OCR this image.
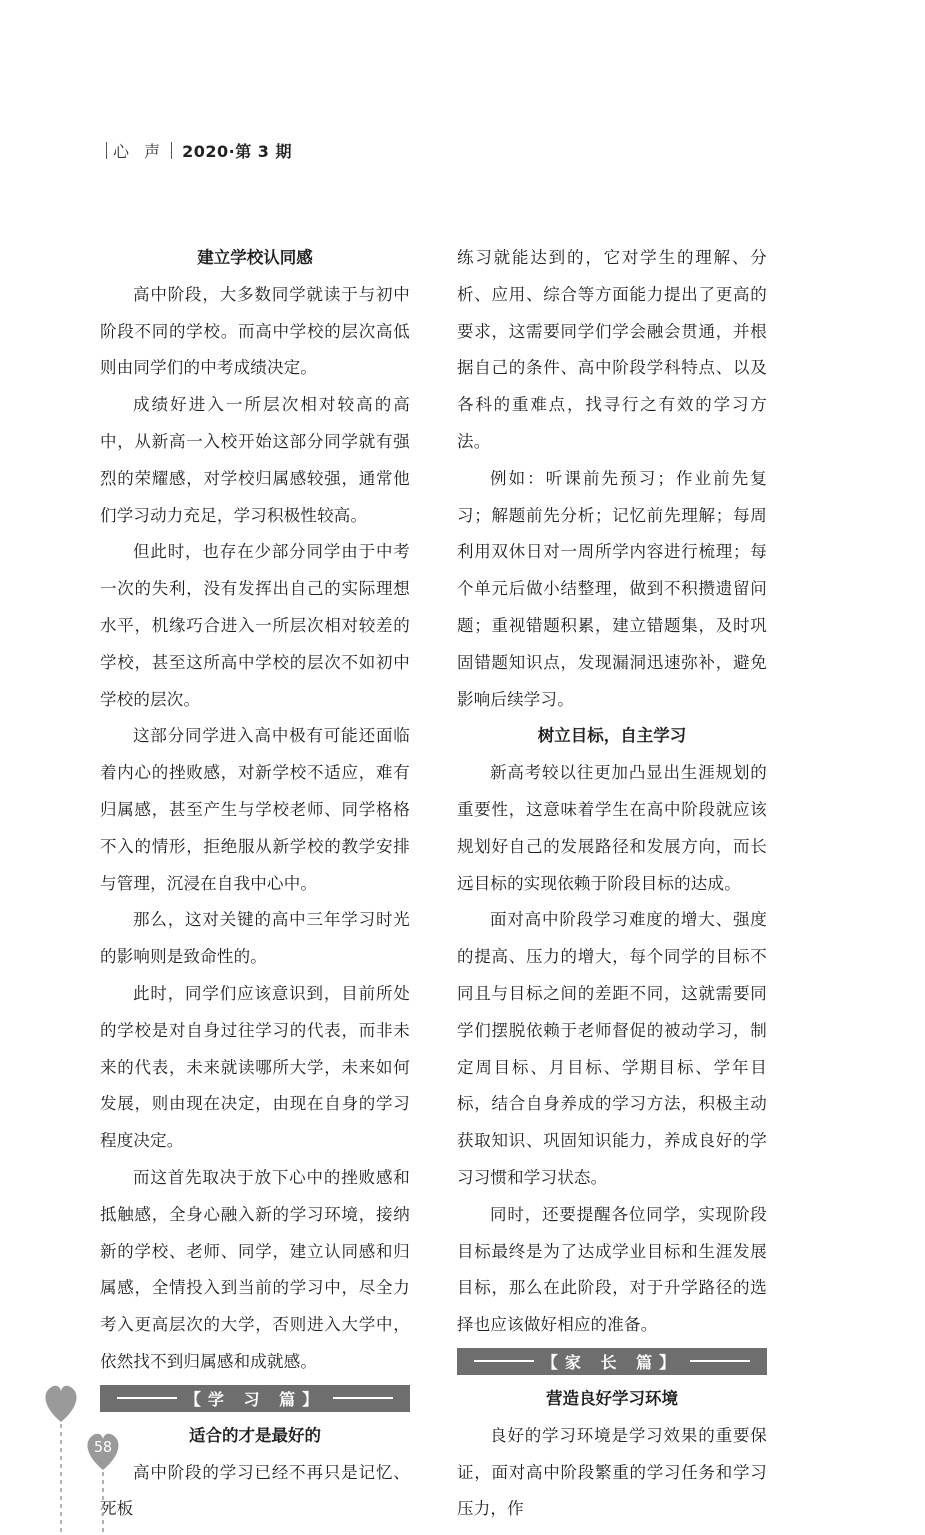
心 声 2020·第 3 期
建立学校认同感

高中阶段，大多数同学就读于与初中阶段不同的学校。而高中学校的层次高低则由同学们的中考成绩决定。

成绩好进入一所层次相对较高的高中，从新高一入校开始这部分同学就有强烈的荣耀感，对学校归属感较强，通常他们学习动力充足，学习积极性较高。

但此时，也存在少部分同学由于中考一次的失利，没有发挥出自己的实际理想水平，机缘巧合进入一所层次相对较差的学校，甚至这所高中学校的层次不如初中学校的层次。

这部分同学进入高中极有可能还面临着内心的挫败感，对新学校不适应，难有归属感，甚至产生与学校老师、同学格格不入的情形，拒绝服从新学校的教学安排与管理，沉浸在自我中心中。

那么，这对关键的高中三年学习时光的影响则是致命性的。

此时，同学们应该意识到，目前所处的学校是对自身过往学习的代表，而非未来的代表，未来就读哪所大学，未来如何发展，则由现在决定，由现在自身的学习程度决定。

而这首先取决于放下心中的挫败感和抵触感，全身心融入新的学习环境，接纳新的学校、老师、同学，建立认同感和归属感，全情投入到当前的学习中，尽全力考入更高层次的大学，否则进入大学中，依然找不到归属感和成就感。

【学 习 篇】
适合的才是最好的

高中阶段的学习已经不再只是记忆、死板

练习就能达到的，它对学生的理解、分析、应用、综合等方面能力提出了更高的要求，这需要同学们学会融会贯通，并根据自己的条件、高中阶段学科特点、以及各科的重难点，找寻行之有效的学习方法。

例如：听课前先预习；作业前先复习；解题前先分析；记忆前先理解；每周利用双休日对一周所学内容进行梳理；每个单元后做小结整理，做到不积攒遗留问题；重视错题积累，建立错题集，及时巩固错题知识点，发现漏洞迅速弥补，避免影响后续学习。

树立目标，自主学习

新高考较以往更加凸显出生涯规划的重要性，这意味着学生在高中阶段就应该规划好自己的发展路径和发展方向，而长远目标的实现依赖于阶段目标的达成。

面对高中阶段学习难度的增大、强度的提高、压力的增大，每个同学的目标不同且与目标之间的差距不同，这就需要同学们摆脱依赖于老师督促的被动学习，制定周目标、月目标、学期目标、学年目标，结合自身养成的学习方法，积极主动获取知识、巩固知识能力，养成良好的学习习惯和学习状态。

同时，还要提醒各位同学，实现阶段目标最终是为了达成学业目标和生涯发展目标，那么在此阶段，对于升学路径的选择也应该做好相应的准备。

【家 长 篇】
营造良好学习环境

良好的学习环境是学习效果的重要保证，面对高中阶段繁重的学习任务和学习压力，作

58
